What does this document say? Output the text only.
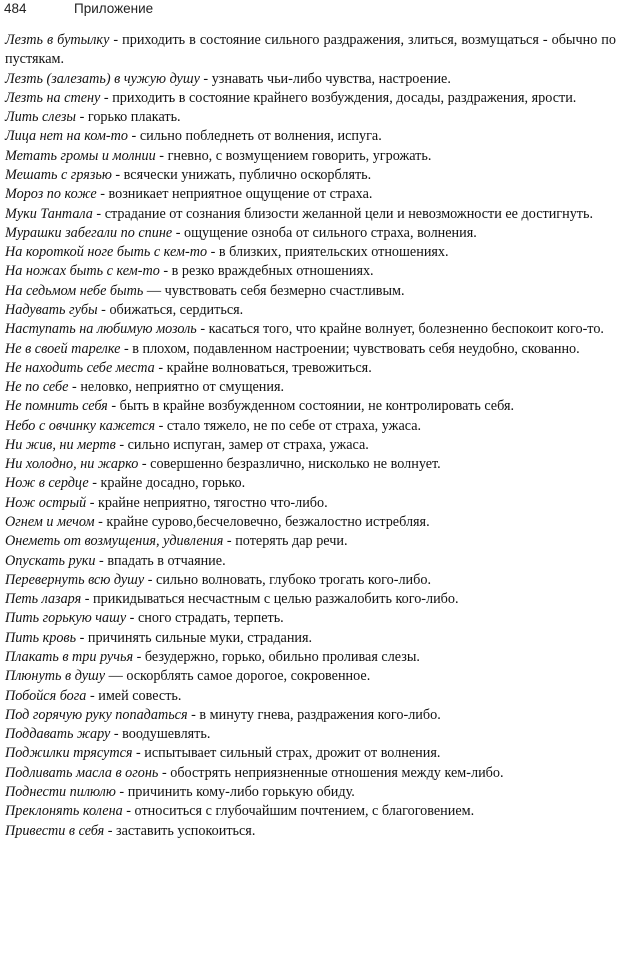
484	Приложение

Лезть в бутылку - приходить в состояние сильного раздражения, злиться, возмущаться - обычно по пустякам.

Лезть (залезать) в чужую душу - узнавать чьи-либо чувства, настроение.

Лезть на стену - приходить в состояние крайнего возбуждения, досады, раздражения, ярости.

Лить слезы - горько плакать.

Лица нет на ком-то - сильно побледнеть от волнения, испуга.

Метать громы и молнии - гневно, с возмущением говорить, угрожать.

Мешать с грязью - всячески унижать, публично оскорблять.

Мороз по коже - возникает неприятное ощущение от страха.

Муки Тантала - страдание от сознания близости желанной цели и невозможности ее достигнуть.

Мурашки забегали по спине - ощущение озноба от сильного страха, волнения.

На короткой ноге быть с кем-то - в близких, приятельских отношениях.

На ножах быть с кем-то - в резко враждебных отношениях.

На седьмом небе быть — чувствовать себя безмерно счастливым.

Надувать губы - обижаться, сердиться.

Наступать на любимую мозоль - касаться того, что крайне волнует, болезненно беспокоит кого-то.

Не в своей тарелке - в плохом, подавленном настроении; чувствовать себя неудобно, скованно.

Не находить себе места - крайне волноваться, тревожиться.

Не по себе - неловко, неприятно от смущения.

Не помнить себя - быть в крайне возбужденном состоянии, не контролировать себя.

Небо с овчинку кажется - стало тяжело, не по себе от страха, ужаса.

Ни жив, ни мертв - сильно испуган, замер от страха, ужаса.

Ни холодно, ни жарко - совершенно безразлично, нисколько не волнует.

Нож в сердце - крайне досадно, горько.

Нож острый - крайне неприятно, тягостно что-либо.

Огнем и мечом - крайне сурово,бесчеловечно, безжалостно истребляя.

Онеметь от возмущения, удивления - потерять дар речи.

Опускать руки - впадать в отчаяние.

Перевернуть всю душу - сильно волновать, глубоко трогать кого-либо.

Петь лазаря - прикидываться несчастным с целью разжалобить кого-либо.

Пить горькую чашу - сного страдать, терпеть.

Пить кровь - причинять сильные муки, страдания.

Плакать в три ручья - безудержно, горько, обильно проливая слезы.

Плюнуть в душу — оскорблять самое дорогое, сокровенное.

Побойся бога - имей совесть.

Под горячую руку попадаться - в минуту гнева, раздражения кого-либо.

Поддавать жару - воодушевлять.

Поджилки трясутся - испытывает сильный страх, дрожит от волнения.

Подливать масла в огонь - обострять неприязненные отношения между кем-либо.

Поднести пилюлю - причинить кому-либо горькую обиду.

Преклонять колена - относиться с глубочайшим почтением, с благоговением.

Привести в себя - заставить успокоиться.
